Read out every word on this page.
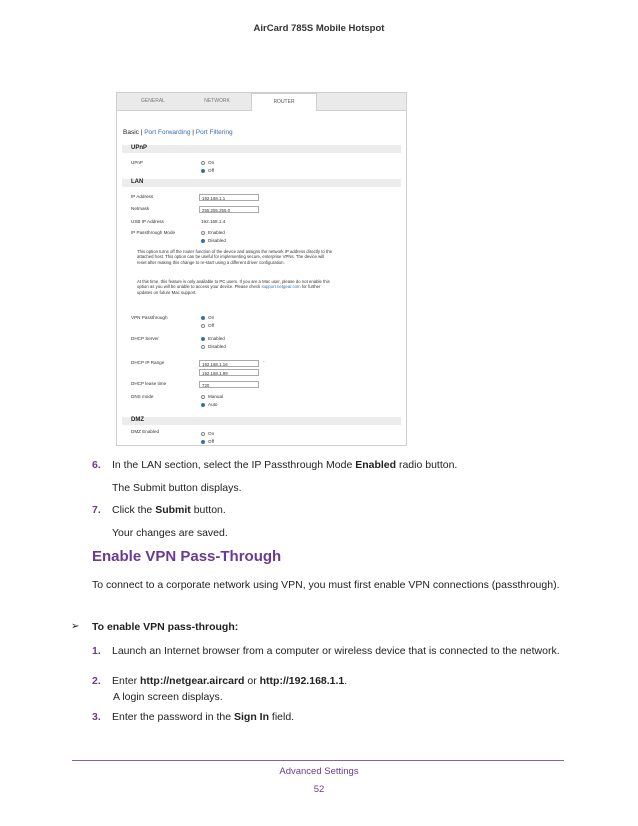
AirCard 785S Mobile Hotspot
GENERAL	NETWORK	ROUTER
Basic | Port Forwarding | Port Filtering
UPnP
UPnP	On
Off
LAN
IP Address	192.168.1.1
Netmask	255.255.255.0
USB IP Address	192.168.1.4
IP Passthrough Mode	Enabled
Disabled
This option turns off the router function of the device and assigns the network IP address directly to the attached host. This option can be useful for implementing secure, enterprise VPNs. The device will reset after making this change to re-start using a different driver configuration.
At this time, this feature is only available to PC users. If you are a Mac user, please do not enable this option as you will be unable to access your device. Please check support.netgear.com for further updates on future Mac support.
VPN Passthrough	On
Off
DHCP Server	Enabled
Disabled
DHCP IP Range	192.168.1.16	-
192.168.1.99
DHCP lease time	720
DNS mode	Manual
Auto
DMZ
DMZ Enabled	On
Off
6. In the LAN section, select the IP Passthrough Mode Enabled radio button.
The Submit button displays.
7. Click the Submit button.
Your changes are saved.
Enable VPN Pass-Through
To connect to a corporate network using VPN, you must first enable VPN connections (passthrough).
➢ To enable VPN pass-through:
1. Launch an Internet browser from a computer or wireless device that is connected to the network.
2. Enter http://netgear.aircard or http://192.168.1.1.
A login screen displays.
3. Enter the password in the Sign In field.
Advanced Settings
52
